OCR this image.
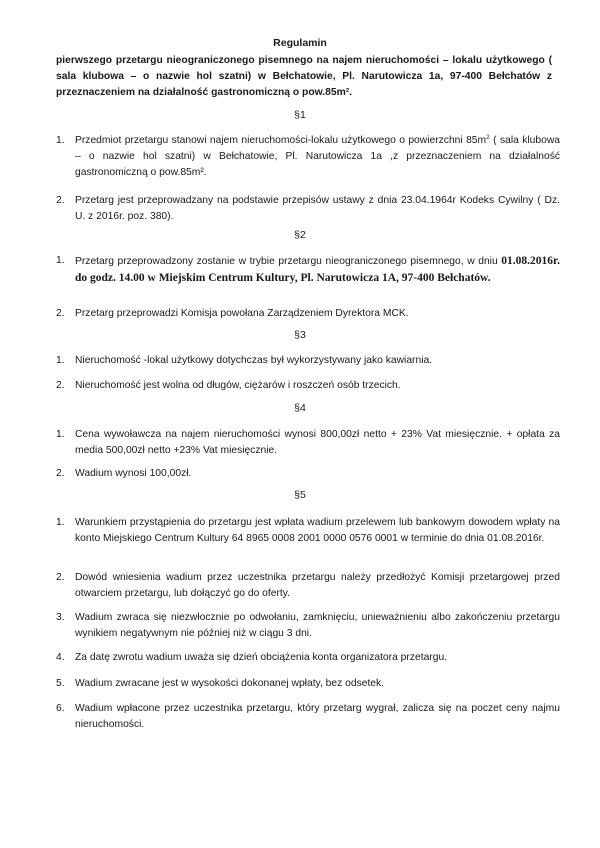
Regulamin
pierwszego przetargu nieograniczonego pisemnego na najem nieruchomości – lokalu użytkowego ( sala klubowa – o nazwie hol szatni) w Bełchatowie, Pl. Narutowicza 1a, 97-400 Bełchatów z przeznaczeniem na działalność gastronomiczną o pow.85m².
§1
1.	Przedmiot przetargu stanowi najem nieruchomości-lokalu użytkowego o powierzchni $85m^2$ ( sala klubowa – o nazwie hol szatni) w Bełchatowie, Pl. Narutowicza 1a ,z przeznaczeniem na działalność gastronomiczną o pow.85m².
2.	Przetarg jest przeprowadzany na podstawie przepisów ustawy z dnia 23.04.1964r Kodeks Cywilny ( Dz. U. z 2016r. poz. 380).
§2
1.	Przetarg przeprowadzony zostanie w trybie przetargu nieograniczonego pisemnego, w dniu 01.08.2016r. do godz. 14.00 w Miejskim Centrum Kultury, Pl. Narutowicza 1A, 97-400 Bełchatów.
2.	Przetarg przeprowadzi Komisja powołana Zarządzeniem Dyrektora MCK.
§3
1.	Nieruchomość -lokal użytkowy dotychczas był wykorzystywany jako kawiarnia.
2.	Nieruchomość jest wolna od długów, ciężarów i roszczeń osób trzecich.
§4
1.	Cena wywoławcza na najem nieruchomości wynosi 800,00zł netto + 23% Vat miesięcznie. + opłata za media 500,00zł netto +23% Vat miesięcznie.
2.	Wadium wynosi 100,00zł.
§5
1.	Warunkiem przystąpienia do przetargu jest wpłata wadium przelewem lub bankowym dowodem wpłaty na konto Miejskiego Centrum Kultury 64 8965 0008 2001 0000 0576 0001 w terminie do dnia 01.08.2016r.
2.	Dowód wniesienia wadium przez uczestnika przetargu należy przedłożyć Komisji przetargowej przed otwarciem przetargu, lub dołączyć go do oferty.
3.	Wadium zwraca się niezwłocznie po odwołaniu, zamknięciu, unieważnieniu albo zakończeniu przetargu wynikiem negatywnym nie później niż w ciągu 3 dni.
4.	Za datę zwrotu wadium uważa się dzień obciążenia konta organizatora przetargu.
5.	Wadium zwracane jest w wysokości dokonanej wpłaty, bez odsetek.
6.	Wadium wpłacone przez uczestnika przetargu, który przetarg wygrał, zalicza się na poczet ceny najmu nieruchomości.
